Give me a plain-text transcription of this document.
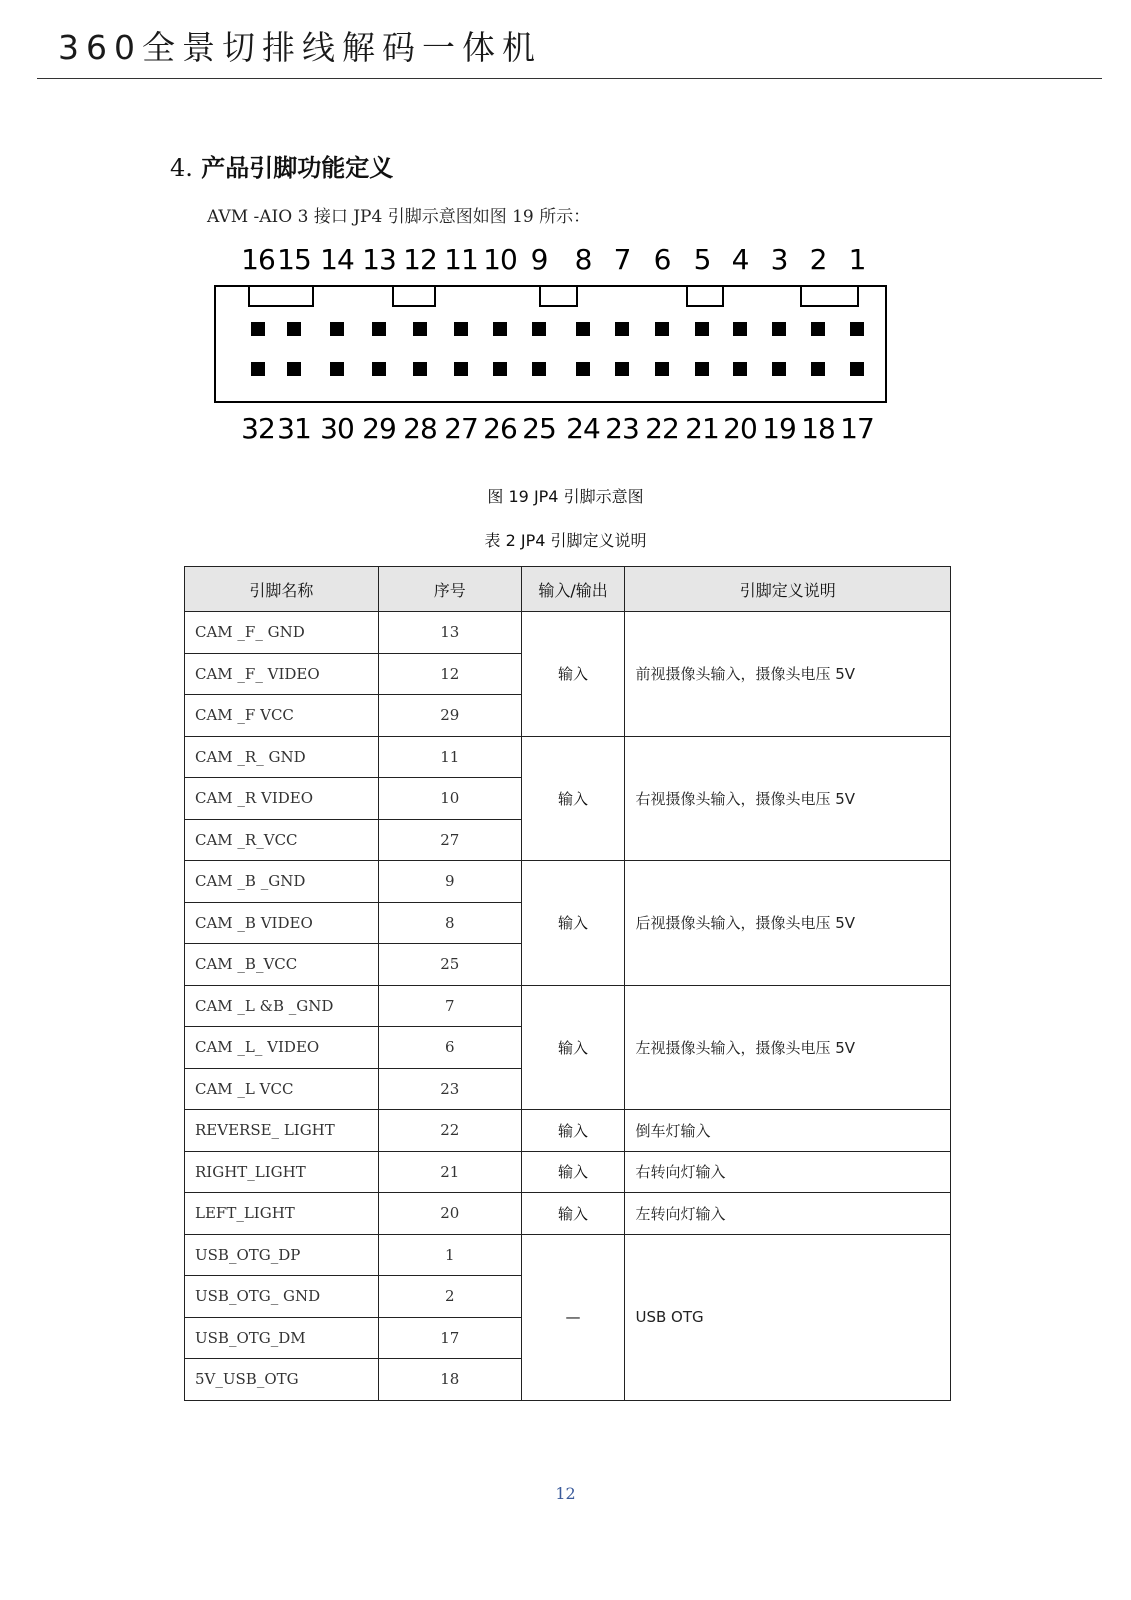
360全景切排线解码一体机
4. 产品引脚功能定义
AVM -AIO 3 接口 JP4 引脚示意图如图 19 所示：
16 15 14 13 12 11 10 9 8 7 6 5 4 3 2 1
32 31 30 29 28 27 26 25 24 23 22 21 20 19 18 17
图 19 JP4 引脚示意图
表 2 JP4 引脚定义说明
引脚名称	序号	输入/输出	引脚定义说明
CAM _F_ GND	13	输入	前视摄像头输入，摄像头电压 5V
CAM _F_ VIDEO	12		
CAM _F VCC	29		
CAM _R_ GND	11	输入	右视摄像头输入，摄像头电压 5V
CAM _R VIDEO	10		
CAM _R_VCC	27		
CAM _B _GND	9	输入	后视摄像头输入，摄像头电压 5V
CAM _B VIDEO	8		
CAM _B_VCC	25		
CAM _L &B _GND	7	输入	左视摄像头输入，摄像头电压 5V
CAM _L_ VIDEO	6		
CAM _L VCC	23		
REVERSE_ LIGHT	22	输入	倒车灯输入
RIGHT_LIGHT	21	输入	右转向灯输入
LEFT_LIGHT	20	输入	左转向灯输入
USB_OTG_DP	1	—	USB OTG
USB_OTG_ GND	2		
USB_OTG_DM	17		
5V_USB_OTG	18		
12
